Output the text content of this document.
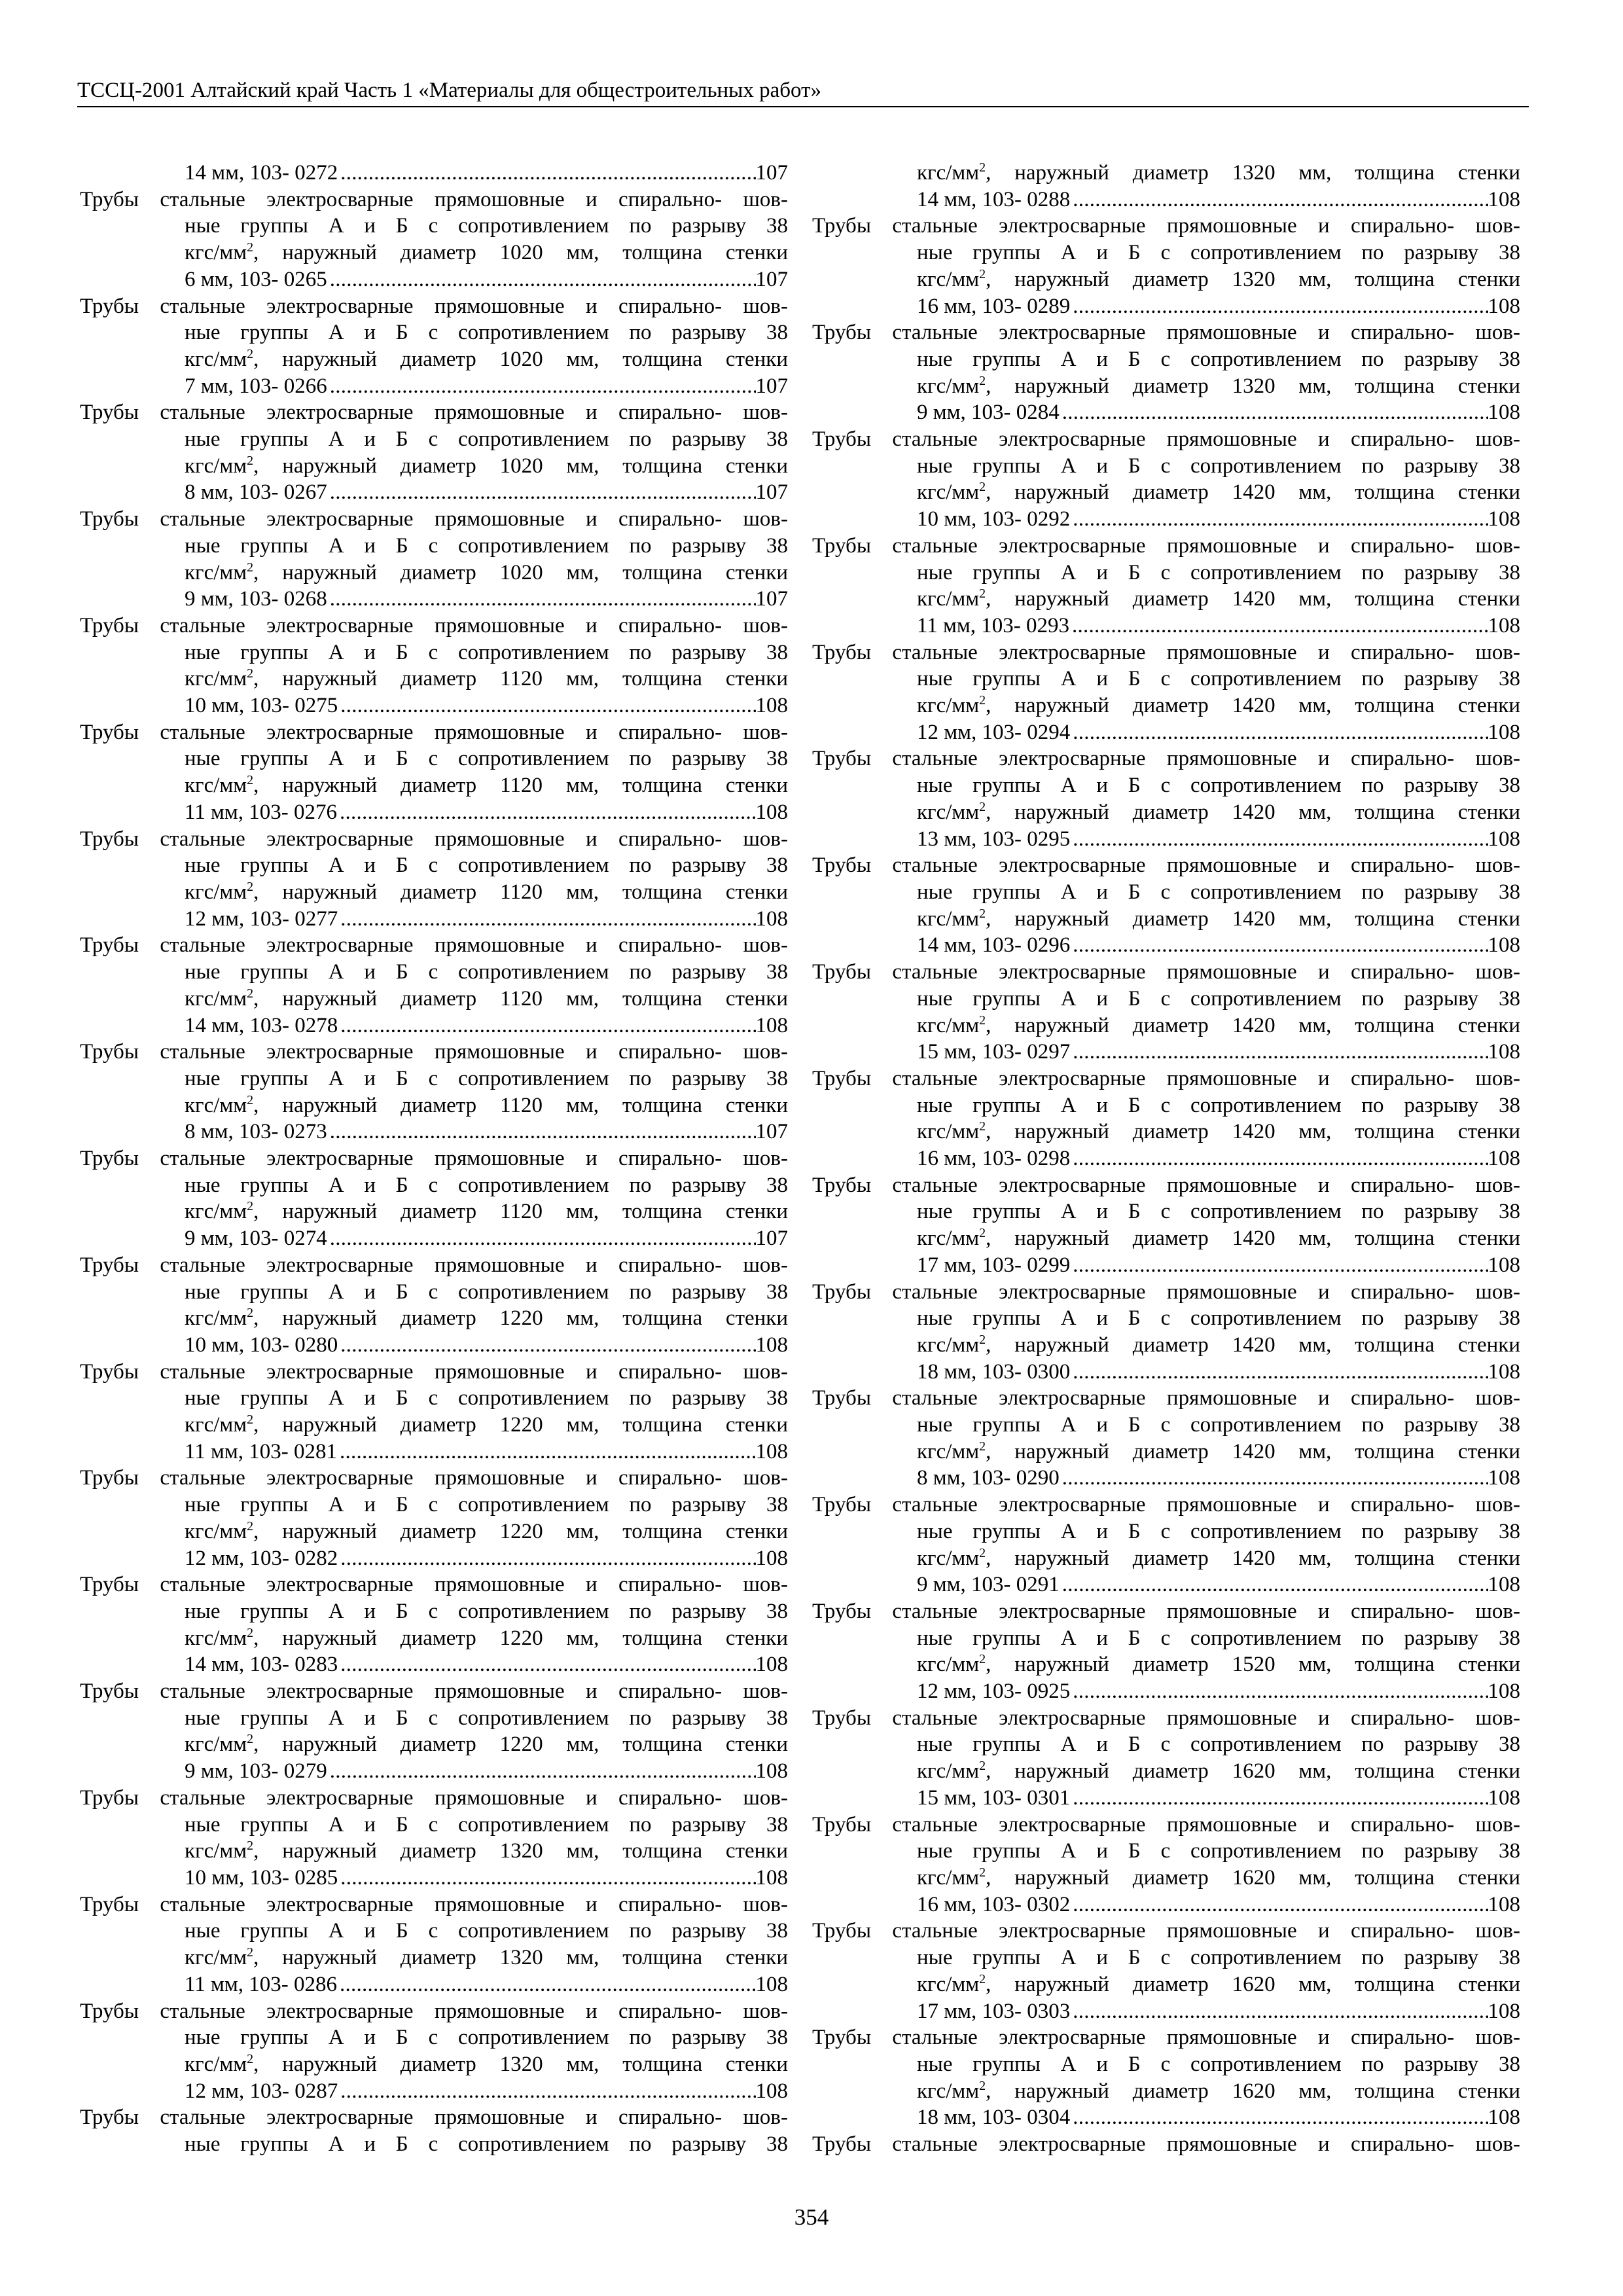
ТССЦ-2001 Алтайский край Часть 1 «Материалы для общестроительных работ»
14 мм, 103- 0272 . . .	107
Трубы стальные электросварные прямошовные и спирально- шов-
ные группы А и Б с сопротивлением по разрыву 38
кгс/$мм^2$, наружный диаметр 1020 мм, толщина стенки
6 мм, 103- 0265 . . .	107
Трубы стальные электросварные прямошовные и спирально- шов-
ные группы А и Б с сопротивлением по разрыву 38
кгс/$мм^2$, наружный диаметр 1020 мм, толщина стенки
7 мм, 103- 0266 . . .	107
Трубы стальные электросварные прямошовные и спирально- шов-
ные группы А и Б с сопротивлением по разрыву 38
кгс/$мм^2$, наружный диаметр 1020 мм, толщина стенки
8 мм, 103- 0267 . . .	107
Трубы стальные электросварные прямошовные и спирально- шов-
ные группы А и Б с сопротивлением по разрыву 38
кгс/$мм^2$, наружный диаметр 1020 мм, толщина стенки
9 мм, 103- 0268 . . .	107
Трубы стальные электросварные прямошовные и спирально- шов-
ные группы А и Б с сопротивлением по разрыву 38
кгс/$мм^2$, наружный диаметр 1120 мм, толщина стенки
10 мм, 103- 0275 . . .	108
Трубы стальные электросварные прямошовные и спирально- шов-
ные группы А и Б с сопротивлением по разрыву 38
кгс/$мм^2$, наружный диаметр 1120 мм, толщина стенки
11 мм, 103- 0276 . . .	108
Трубы стальные электросварные прямошовные и спирально- шов-
ные группы А и Б с сопротивлением по разрыву 38
кгс/$мм^2$, наружный диаметр 1120 мм, толщина стенки
12 мм, 103- 0277 . . .	108
Трубы стальные электросварные прямошовные и спирально- шов-
ные группы А и Б с сопротивлением по разрыву 38
кгс/$мм^2$, наружный диаметр 1120 мм, толщина стенки
14 мм, 103- 0278 . . .	108
Трубы стальные электросварные прямошовные и спирально- шов-
ные группы А и Б с сопротивлением по разрыву 38
кгс/$мм^2$, наружный диаметр 1120 мм, толщина стенки
8 мм, 103- 0273 . . .	107
Трубы стальные электросварные прямошовные и спирально- шов-
ные группы А и Б с сопротивлением по разрыву 38
кгс/$мм^2$, наружный диаметр 1120 мм, толщина стенки
9 мм, 103- 0274 . . .	107
Трубы стальные электросварные прямошовные и спирально- шов-
ные группы А и Б с сопротивлением по разрыву 38
кгс/$мм^2$, наружный диаметр 1220 мм, толщина стенки
10 мм, 103- 0280 . . .	108
Трубы стальные электросварные прямошовные и спирально- шов-
ные группы А и Б с сопротивлением по разрыву 38
кгс/$мм^2$, наружный диаметр 1220 мм, толщина стенки
11 мм, 103- 0281 . . .	108
Трубы стальные электросварные прямошовные и спирально- шов-
ные группы А и Б с сопротивлением по разрыву 38
кгс/$мм^2$, наружный диаметр 1220 мм, толщина стенки
12 мм, 103- 0282 . . .	108
Трубы стальные электросварные прямошовные и спирально- шов-
ные группы А и Б с сопротивлением по разрыву 38
кгс/$мм^2$, наружный диаметр 1220 мм, толщина стенки
14 мм, 103- 0283 . . .	108
Трубы стальные электросварные прямошовные и спирально- шов-
ные группы А и Б с сопротивлением по разрыву 38
кгс/$мм^2$, наружный диаметр 1220 мм, толщина стенки
9 мм, 103- 0279 . . .	108
Трубы стальные электросварные прямошовные и спирально- шов-
ные группы А и Б с сопротивлением по разрыву 38
кгс/$мм^2$, наружный диаметр 1320 мм, толщина стенки
10 мм, 103- 0285 . . .	108
Трубы стальные электросварные прямошовные и спирально- шов-
ные группы А и Б с сопротивлением по разрыву 38
кгс/$мм^2$, наружный диаметр 1320 мм, толщина стенки
11 мм, 103- 0286 . . .	108
Трубы стальные электросварные прямошовные и спирально- шов-
ные группы А и Б с сопротивлением по разрыву 38
кгс/$мм^2$, наружный диаметр 1320 мм, толщина стенки
12 мм, 103- 0287 . . .	108
Трубы стальные электросварные прямошовные и спирально- шов-
ные группы А и Б с сопротивлением по разрыву 38
кгс/$мм^2$, наружный диаметр 1320 мм, толщина стенки
14 мм, 103- 0288 . . .	108
Трубы стальные электросварные прямошовные и спирально- шов-
ные группы А и Б с сопротивлением по разрыву 38
кгс/$мм^2$, наружный диаметр 1320 мм, толщина стенки
16 мм, 103- 0289 . . .	108
Трубы стальные электросварные прямошовные и спирально- шов-
ные группы А и Б с сопротивлением по разрыву 38
кгс/$мм^2$, наружный диаметр 1320 мм, толщина стенки
9 мм, 103- 0284 . . .	108
Трубы стальные электросварные прямошовные и спирально- шов-
ные группы А и Б с сопротивлением по разрыву 38
кгс/$мм^2$, наружный диаметр 1420 мм, толщина стенки
10 мм, 103- 0292 . . .	108
Трубы стальные электросварные прямошовные и спирально- шов-
ные группы А и Б с сопротивлением по разрыву 38
кгс/$мм^2$, наружный диаметр 1420 мм, толщина стенки
11 мм, 103- 0293 . . .	108
Трубы стальные электросварные прямошовные и спирально- шов-
ные группы А и Б с сопротивлением по разрыву 38
кгс/$мм^2$, наружный диаметр 1420 мм, толщина стенки
12 мм, 103- 0294 . . .	108
Трубы стальные электросварные прямошовные и спирально- шов-
ные группы А и Б с сопротивлением по разрыву 38
кгс/$мм^2$, наружный диаметр 1420 мм, толщина стенки
13 мм, 103- 0295 . . .	108
Трубы стальные электросварные прямошовные и спирально- шов-
ные группы А и Б с сопротивлением по разрыву 38
кгс/$мм^2$, наружный диаметр 1420 мм, толщина стенки
14 мм, 103- 0296 . . .	108
Трубы стальные электросварные прямошовные и спирально- шов-
ные группы А и Б с сопротивлением по разрыву 38
кгс/$мм^2$, наружный диаметр 1420 мм, толщина стенки
15 мм, 103- 0297 . . .	108
Трубы стальные электросварные прямошовные и спирально- шов-
ные группы А и Б с сопротивлением по разрыву 38
кгс/$мм^2$, наружный диаметр 1420 мм, толщина стенки
16 мм, 103- 0298 . . .	108
Трубы стальные электросварные прямошовные и спирально- шов-
ные группы А и Б с сопротивлением по разрыву 38
кгс/$мм^2$, наружный диаметр 1420 мм, толщина стенки
17 мм, 103- 0299 . . .	108
Трубы стальные электросварные прямошовные и спирально- шов-
ные группы А и Б с сопротивлением по разрыву 38
кгс/$мм^2$, наружный диаметр 1420 мм, толщина стенки
18 мм, 103- 0300 . . .	108
Трубы стальные электросварные прямошовные и спирально- шов-
ные группы А и Б с сопротивлением по разрыву 38
кгс/$мм^2$, наружный диаметр 1420 мм, толщина стенки
8 мм, 103- 0290 . . .	108
Трубы стальные электросварные прямошовные и спирально- шов-
ные группы А и Б с сопротивлением по разрыву 38
кгс/$мм^2$, наружный диаметр 1420 мм, толщина стенки
9 мм, 103- 0291 . . .	108
Трубы стальные электросварные прямошовные и спирально- шов-
ные группы А и Б с сопротивлением по разрыву 38
кгс/$мм^2$, наружный диаметр 1520 мм, толщина стенки
12 мм, 103- 0925 . . .	108
Трубы стальные электросварные прямошовные и спирально- шов-
ные группы А и Б с сопротивлением по разрыву 38
кгс/$мм^2$, наружный диаметр 1620 мм, толщина стенки
15 мм, 103- 0301 . . .	108
Трубы стальные электросварные прямошовные и спирально- шов-
ные группы А и Б с сопротивлением по разрыву 38
кгс/$мм^2$, наружный диаметр 1620 мм, толщина стенки
16 мм, 103- 0302 . . .	108
Трубы стальные электросварные прямошовные и спирально- шов-
ные группы А и Б с сопротивлением по разрыву 38
кгс/$мм^2$, наружный диаметр 1620 мм, толщина стенки
17 мм, 103- 0303 . . .	108
Трубы стальные электросварные прямошовные и спирально- шов-
ные группы А и Б с сопротивлением по разрыву 38
кгс/$мм^2$, наружный диаметр 1620 мм, толщина стенки
18 мм, 103- 0304 . . .	108
Трубы стальные электросварные прямошовные и спирально- шов-
354
